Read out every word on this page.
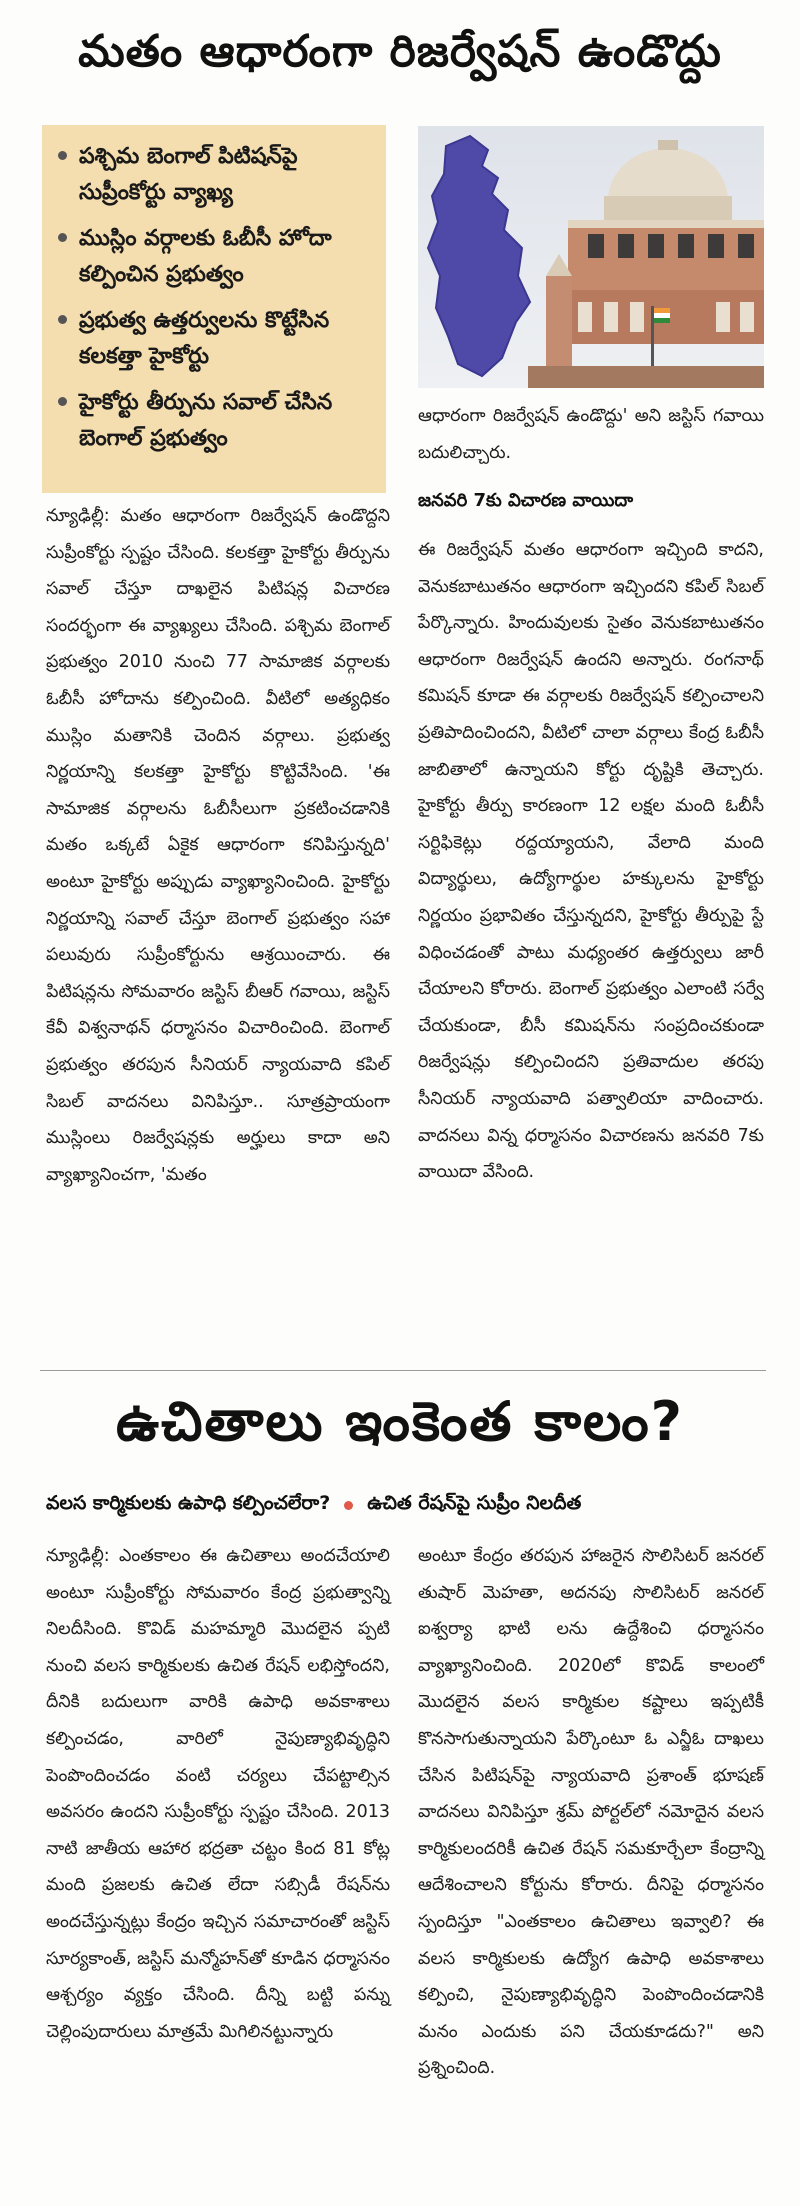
మతం ఆధారంగా రిజర్వేషన్ ఉండొద్దు
పశ్చిమ బెంగాల్ పిటిషన్‌పై సుప్రీంకోర్టు వ్యాఖ్య
ముస్లిం వర్గాలకు ఓబీసీ హోదా కల్పించిన ప్రభుత్వం
ప్రభుత్వ ఉత్తర్వులను కొట్టేసిన కలకత్తా హైకోర్టు
హైకోర్టు తీర్పును సవాల్ చేసిన బెంగాల్ ప్రభుత్వం

న్యూఢిల్లీ: మతం ఆధారంగా రిజర్వేషన్ ఉండొద్దని సుప్రీంకోర్టు స్పష్టం చేసింది. కలకత్తా హైకోర్టు తీర్పును సవాల్ చేస్తూ దాఖలైన పిటిషన్ల విచారణ సందర్భంగా ఈ వ్యాఖ్యలు చేసింది. పశ్చిమ బెంగాల్ ప్రభుత్వం 2010 నుంచి 77 సామాజిక వర్గాలకు ఓబీసీ హోదాను కల్పించింది. వీటిలో అత్యధికం ముస్లిం మతానికి చెందిన వర్గాలు. ప్రభుత్వ నిర్ణయాన్ని కలకత్తా హైకోర్టు కొట్టివేసింది. 'ఈ సామాజిక వర్గాలను ఓబీసీలుగా ప్రకటించడానికి మతం ఒక్కటే ఏకైక ఆధారంగా కనిపిస్తున్నది' అంటూ హైకోర్టు అప్పుడు వ్యాఖ్యానించింది. హైకోర్టు నిర్ణయాన్ని సవాల్ చేస్తూ బెంగాల్ ప్రభుత్వం సహా పలువురు సుప్రీంకోర్టును ఆశ్రయించారు. ఈ పిటిషన్లను సోమవారం జస్టిస్ బీఆర్ గవాయి, జస్టిస్ కేవీ విశ్వనాథన్ ధర్మాసనం విచారించింది. బెంగాల్ ప్రభుత్వం తరపున సీనియర్ న్యాయవాది కపిల్ సిబల్ వాదనలు వినిపిస్తూ.. సూత్రప్రాయంగా ముస్లింలు రిజర్వేషన్లకు అర్హులు కాదా అని వ్యాఖ్యానించగా, 'మతం

ఆధారంగా రిజర్వేషన్ ఉండొద్దు' అని జస్టిస్ గవాయి బదులిచ్చారు.

జనవరి 7కు విచారణ వాయిదా

ఈ రిజర్వేషన్ మతం ఆధారంగా ఇచ్చింది కాదని, వెనుకబాటుతనం ఆధారంగా ఇచ్చిందని కపిల్ సిబల్ పేర్కొన్నారు. హిందువులకు సైతం వెనుకబాటుతనం ఆధారంగా రిజర్వేషన్ ఉందని అన్నారు. రంగనాథ్ కమిషన్ కూడా ఈ వర్గాలకు రిజర్వేషన్ కల్పించాలని ప్రతిపాదించిందని, వీటిలో చాలా వర్గాలు కేంద్ర ఓబీసీ జాబితాలో ఉన్నాయని కోర్టు దృష్టికి తెచ్చారు. హైకోర్టు తీర్పు కారణంగా 12 లక్షల మంది ఓబీసీ సర్టిఫికెట్లు రద్దయ్యాయని, వేలాది మంది విద్యార్థులు, ఉద్యోగార్థుల హక్కులను హైకోర్టు నిర్ణయం ప్రభావితం చేస్తున్నదని, హైకోర్టు తీర్పుపై స్టే విధించడంతో పాటు మధ్యంతర ఉత్తర్వులు జారీ చేయాలని కోరారు. బెంగాల్ ప్రభుత్వం ఎలాంటి సర్వే చేయకుండా, బీసీ కమిషన్‌ను సంప్రదించకుండా రిజర్వేషన్లు కల్పించిందని ప్రతివాదుల తరపు సీనియర్ న్యాయవాది పత్వాలియా వాదించారు. వాదనలు విన్న ధర్మాసనం విచారణను జనవరి 7కు వాయిదా వేసింది.

ఉచితాలు ఇంకెంత కాలం?
వలస కార్మికులకు ఉపాధి కల్పించలేరా? ఉచిత రేషన్‌పై సుప్రీం నిలదీత

న్యూఢిల్లీ: ఎంతకాలం ఈ ఉచితాలు అందచేయాలి అంటూ సుప్రీంకోర్టు సోమవారం కేంద్ర ప్రభుత్వాన్ని నిలదీసింది. కొవిడ్ మహమ్మారి మొదలైన ప్పటి నుంచి వలస కార్మికులకు ఉచిత రేషన్ లభిస్తోందని, దీనికి బదులుగా వారికి ఉపాధి అవకాశాలు కల్పించడం, వారిలో నైపుణ్యాభివృద్ధిని పెంపొందించడం వంటి చర్యలు చేపట్టాల్సిన అవసరం ఉందని సుప్రీంకోర్టు స్పష్టం చేసింది. 2013 నాటి జాతీయ ఆహార భద్రతా చట్టం కింద 81 కోట్ల మంది ప్రజలకు ఉచిత లేదా సబ్సిడీ రేషన్‌ను అందచేస్తున్నట్లు కేంద్రం ఇచ్చిన సమాచారంతో జస్టిస్ సూర్యకాంత్, జస్టిస్ మన్మోహన్‌తో కూడిన ధర్మాసనం ఆశ్చర్యం వ్యక్తం చేసింది. దీన్ని బట్టి పన్ను చెల్లింపుదారులు మాత్రమే మిగిలినట్టున్నారు

అంటూ కేంద్రం తరపున హాజరైన సొలిసిటర్ జనరల్ తుషార్ మెహతా, అదనపు సొలిసిటర్ జనరల్ ఐశ్వర్యా భాటి లను ఉద్దేశించి ధర్మాసనం వ్యాఖ్యానించింది. 2020లో కొవిడ్ కాలంలో మొదలైన వలస కార్మికుల కష్టాలు ఇప్పటికీ కొనసాగుతున్నాయని పేర్కొంటూ ఓ ఎన్జీఓ దాఖలు చేసిన పిటిషన్‌పై న్యాయవాది ప్రశాంత్ భూషణ్ వాదనలు వినిపిస్తూ శ్రమ్ పోర్టల్‌లో నమోదైన వలస కార్మికులందరికీ ఉచిత రేషన్ సమకూర్చేలా కేంద్రాన్ని ఆదేశించాలని కోర్టును కోరారు. దీనిపై ధర్మాసనం స్పందిస్తూ "ఎంతకాలం ఉచితాలు ఇవ్వాలి? ఈ వలస కార్మికులకు ఉద్యోగ ఉపాధి అవకాశాలు కల్పించి, నైపుణ్యాభివృద్ధిని పెంపొందించడానికి మనం ఎందుకు పని చేయకూడదు?" అని ప్రశ్నించింది.
